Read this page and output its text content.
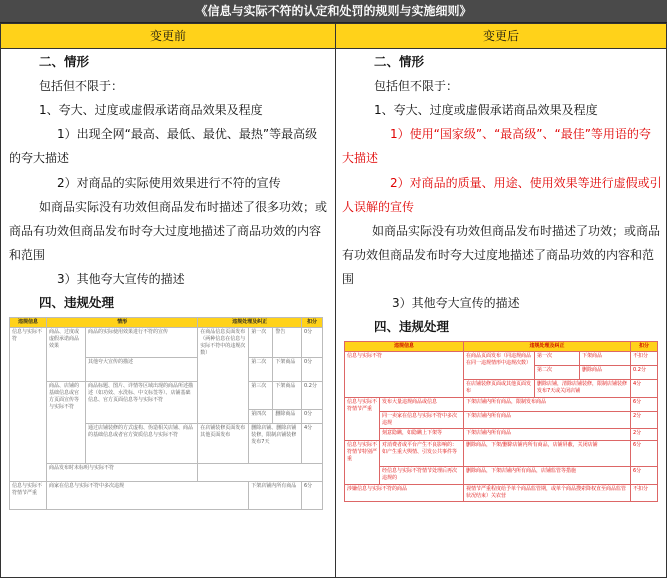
《信息与实际不符的认定和处罚的规则与实施细则》
变更前	变更后
二、情形
包括但不限于：
1、夸大、过度或虚假承诺商品效果及程度
1）出现全网“最高、最低、最优、最热”等最高级的夸大描述
2）对商品的实际使用效果进行不符的宣传
如商品实际没有功效但商品发布时描述了很多功效；或商品有功效但商品发布时夸大过度地描述了商品功效的内容和范围
3）其他夸大宣传的描述
四、违规处理
违规信息	情形		违规处理及纠正			扣分
信息与实际不符	商品、过度或虚假承诺商品效果	商品的实际使用效果进行不符的宣传	在商品信息页面发布（两种信息在信息与实际不符中的违规次数）	第一次	警告	0分
		其他夸大宣传的描述		第二次	下架商品	0分
	商品、店铺的基础信息或官方页面宣传等与实际不符	商品标题、图片、详情等区域出现的商品所述描述（如功效、水洗标、中文标签等）、店铺基础信息、官方页面信息等与实际不符		第三次	下架商品	0.2分
				第四次	删除商品	0分
		通过店铺装修的方式虚构、伪造相关店铺、商品的基础信息或者官方资质信息与实际不符	在店铺装修页面发布其他页面发布	删除店铺、删除店铺装修，限制店铺装修发布7天		4分
	商品发布时未标明与实际不符					
信息与实际不符情节严重	商家在信息与实际不符中多次违规			下架店铺内所有商品		6分
二、情形
包括但不限于：
1、夸大、过度或虚假承诺商品效果及程度
1）使用“国家级”、“最高级”、“最佳”等用语的夸大描述
2）对商品的质量、用途、使用效果等进行虚假或引人误解的宣传
如商品实际没有功效但商品发布时描述了功效；或商品有功效但商品发布时夸大过度地描述了商品功效的内容和范围
3）其他夸大宣传的描述
四、违规处理
违规信息		违规处理及纠正			扣分
信息与实际不符		在商品页面发布（同违规商品在同一违规情形中违规次数）	第一次	下架商品	不扣分
			第二次	删除商品	0.2分
		在店铺装修页面或其他页面发布	删除店铺，清除店铺装修，限制店铺装修发布7天或关闭店铺		4分
信息与实际不符情节严重	发布大量违规商品或信息	下架店铺内所有商品，限制发布商品			6分
	同一卖家在信息与实际不符中多次违规	下架店铺内所有商品			2分
	刻意隐瞒，如隐瞒上下架等	下架店铺内所有商品			2分
信息与实际不符情节特别严重	对消费者或平台产生不良影响的：如产生重大舆情、引发公共事件等	删除商品，下架/删除店铺内所有商品，店铺屏蔽，关闭店铺			6分
	经信息与实际不符情节处理后再次违规的	删除商品，下架店铺内所有商品，店铺监管等措施			6分
涉嫌信息与实际不符的商品		视情节严重程度给予单个商品监管期，或单个商品搜索降权直至商品监管状况结束）关农营			不扣分
